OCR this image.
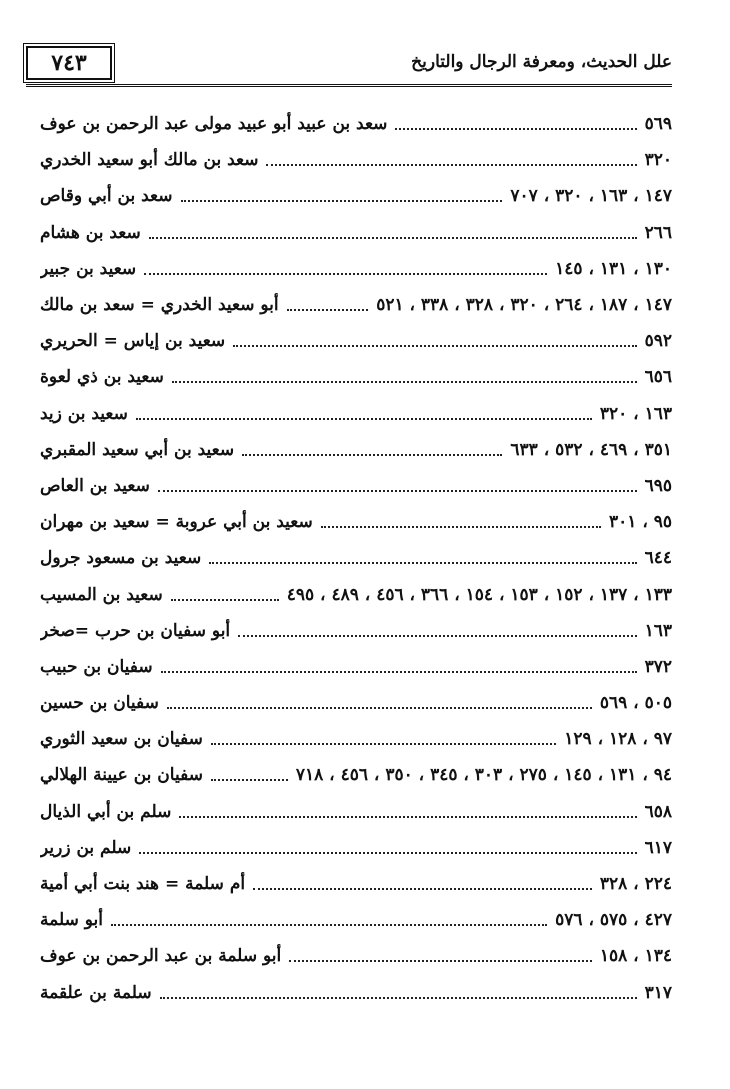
٧٤٣	علل الحديث، ومعرفة الرجال والتاريخ
سعد بن عبيد أبو عبيد مولى عبد الرحمن بن عوف	٥٦٩
سعد بن مالك أبو سعيد الخدري	٣٢٠
سعد بن أبي وقاص	١٤٧ ، ١٦٣ ، ٣٢٠ ، ٧٠٧
سعد بن هشام	٢٦٦
سعيد بن جبير	١٣٠ ، ١٣١ ، ١٤٥
أبو سعيد الخدري = سعد بن مالك	١٤٧ ، ١٨٧ ، ٢٦٤ ، ٣٢٠ ، ٣٢٨ ، ٣٣٨ ، ٥٢١
سعيد بن إياس = الحريري	٥٩٢
سعيد بن ذي لعوة	٦٥٦
سعيد بن زيد	١٦٣ ، ٣٢٠
سعيد بن أبي سعيد المقبري	٣٥١ ، ٤٦٩ ، ٥٣٢ ، ٦٣٣
سعيد بن العاص	٦٩٥
سعيد بن أبي عروبة = سعيد بن مهران	٩٥ ، ٣٠١
سعيد بن مسعود جرول	٦٤٤
سعيد بن المسيب	١٣٣ ، ١٣٧ ، ١٥٢ ، ١٥٣ ، ١٥٤ ، ٣٦٦ ، ٤٥٦ ، ٤٨٩ ، ٤٩٥
أبو سفيان بن حرب =صخر	١٦٣
سفيان بن حبيب	٣٧٢
سفيان بن حسين	٥٠٥ ، ٥٦٩
سفيان بن سعيد الثوري	٩٧ ، ١٢٨ ، ١٢٩
سفيان بن عيينة الهلالي	٩٤ ، ١٣١ ، ١٤٥ ، ٢٧٥ ، ٣٠٣ ، ٣٤٥ ، ٣٥٠ ، ٤٥٦ ، ٧١٨
سلم بن أبي الذيال	٦٥٨
سلم بن زرير	٦١٧
أم سلمة = هند بنت أبي أمية	٢٢٤ ، ٣٢٨
أبو سلمة	٤٢٧ ، ٥٧٥ ، ٥٧٦
أبو سلمة بن عبد الرحمن بن عوف	١٣٤ ، ١٥٨
سلمة بن علقمة	٣١٧
